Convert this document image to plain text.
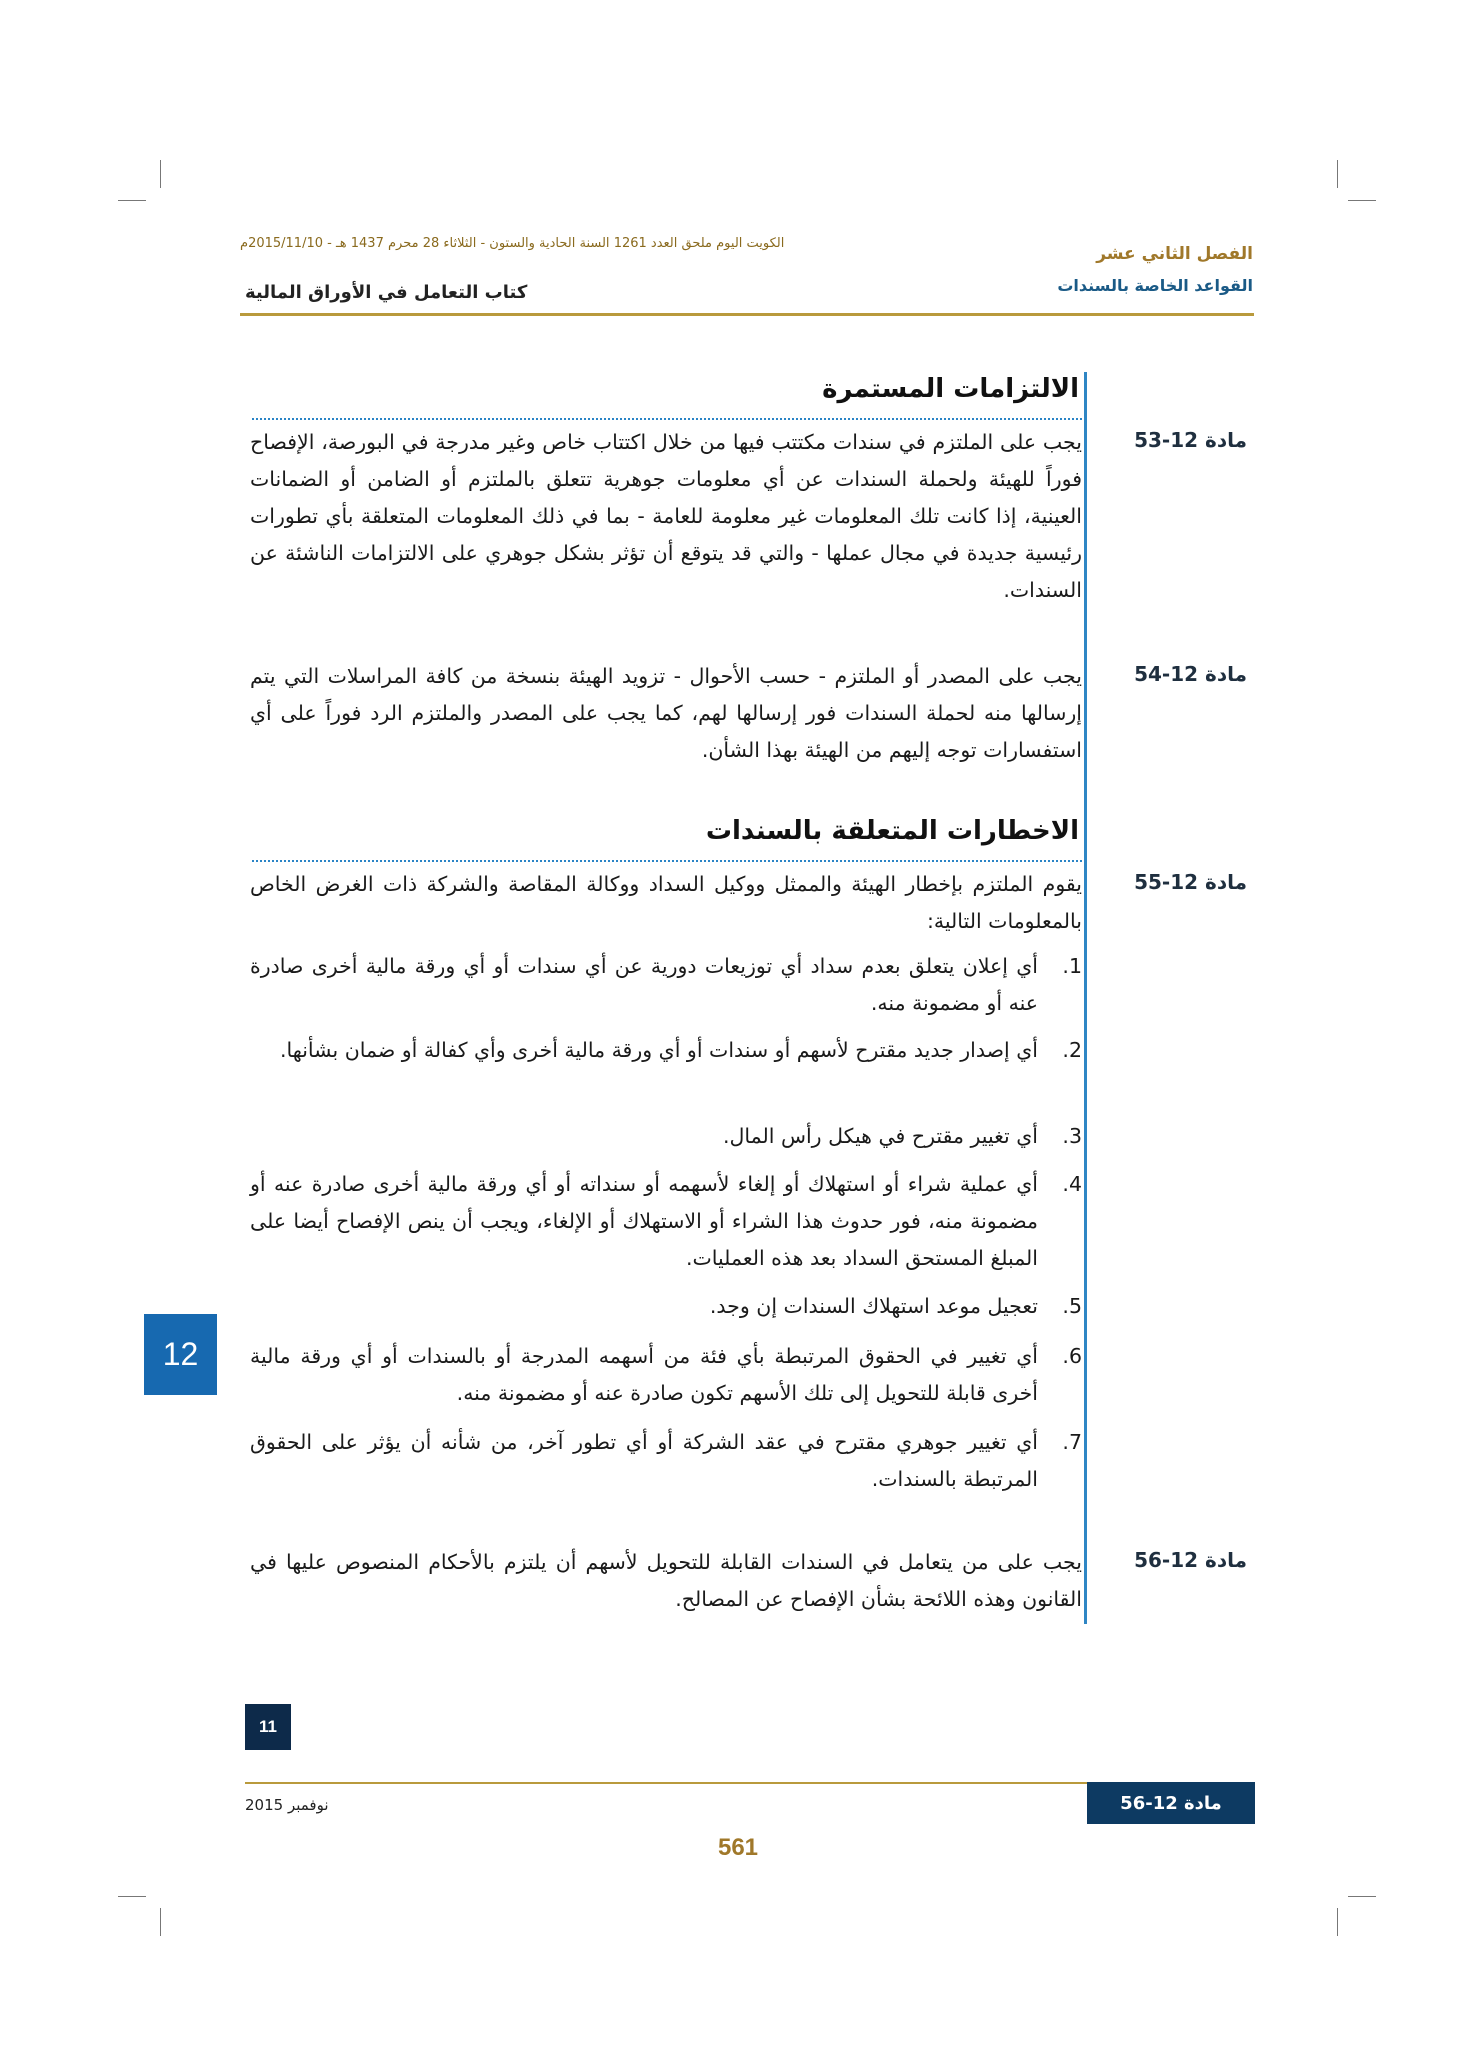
الكويت اليوم ملحق العدد 1261 السنة الحادية والستون - الثلاثاء 28 محرم 1437 هـ - 2015/11/10م
الفصل الثاني عشر
القواعد الخاصة بالسندات
كتاب التعامل في الأوراق المالية
الالتزامات المستمرة
مادة 12-53
يجب على الملتزم في سندات مكتتب فيها من خلال اكتتاب خاص وغير مدرجة في البورصة، الإفصاح فوراً للهيئة ولحملة السندات عن أي معلومات جوهرية تتعلق بالملتزم أو الضامن أو الضمانات العينية، إذا كانت تلك المعلومات غير معلومة للعامة - بما في ذلك المعلومات المتعلقة بأي تطورات رئيسية جديدة في مجال عملها - والتي قد يتوقع أن تؤثر بشكل جوهري على الالتزامات الناشئة عن السندات.
مادة 12-54
يجب على المصدر أو الملتزم - حسب الأحوال - تزويد الهيئة بنسخة من كافة المراسلات التي يتم إرسالها منه لحملة السندات فور إرسالها لهم، كما يجب على المصدر والملتزم الرد فوراً على أي استفسارات توجه إليهم من الهيئة بهذا الشأن.
الاخطارات المتعلقة بالسندات
مادة 12-55
يقوم الملتزم بإخطار الهيئة والممثل ووكيل السداد ووكالة المقاصة والشركة ذات الغرض الخاص بالمعلومات التالية:
1.أي إعلان يتعلق بعدم سداد أي توزيعات دورية عن أي سندات أو أي ورقة مالية أخرى صادرة عنه أو مضمونة منه.
2.أي إصدار جديد مقترح لأسهم أو سندات أو أي ورقة مالية أخرى وأي كفالة أو ضمان بشأنها.
3.أي تغيير مقترح في هيكل رأس المال.
4.أي عملية شراء أو استهلاك أو إلغاء لأسهمه أو سنداته أو أي ورقة مالية أخرى صادرة عنه أو مضمونة منه، فور حدوث هذا الشراء أو الاستهلاك أو الإلغاء، ويجب أن ينص الإفصاح أيضا على المبلغ المستحق السداد بعد هذه العمليات.
5.تعجيل موعد استهلاك السندات إن وجد.
6.أي تغيير في الحقوق المرتبطة بأي فئة من أسهمه المدرجة أو بالسندات أو أي ورقة مالية أخرى قابلة للتحويل إلى تلك الأسهم تكون صادرة عنه أو مضمونة منه.
7.أي تغيير جوهري مقترح في عقد الشركة أو أي تطور آخر، من شأنه أن يؤثر على الحقوق المرتبطة بالسندات.
مادة 12-56
يجب على من يتعامل في السندات القابلة للتحويل لأسهم أن يلتزم بالأحكام المنصوص عليها في القانون وهذه اللائحة بشأن الإفصاح عن المصالح.
12
11
نوفمبر 2015	مادة 12-56
561
